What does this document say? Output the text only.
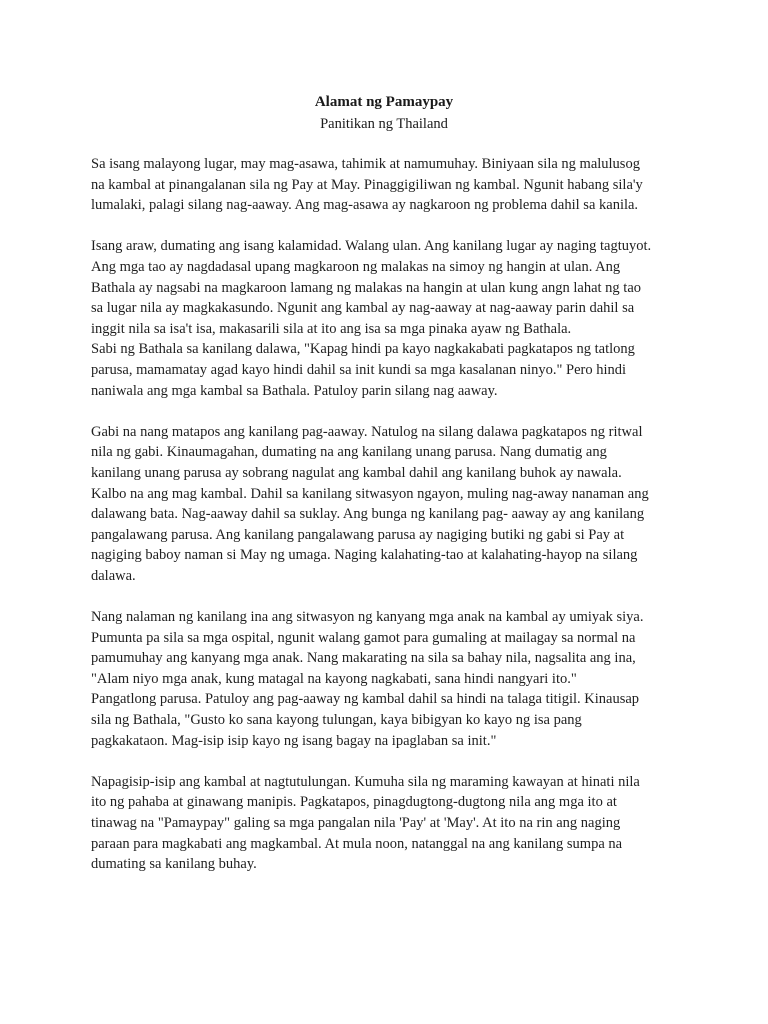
Alamat ng Pamaypay

Panitikan ng Thailand

Sa isang malayong lugar, may mag-asawa, tahimik at namumuhay. Biniyaan sila ng malulusog
na kambal at pinangalanan sila ng Pay at May. Pinaggigiliwan ng kambal. Ngunit habang sila'y
lumalaki, palagi silang nag-aaway. Ang mag-asawa ay nagkaroon ng problema dahil sa kanila.
Isang araw, dumating ang isang kalamidad. Walang ulan. Ang kanilang lugar ay naging tagtuyot.
Ang mga tao ay nagdadasal upang magkaroon ng malakas na simoy ng hangin at ulan. Ang
Bathala ay nagsabi na magkaroon lamang ng malakas na hangin at ulan kung angn lahat ng tao
sa lugar nila ay magkakasundo. Ngunit ang kambal ay nag-aaway at nag-aaway parin dahil sa
inggit nila sa isa't isa, makasarili sila at ito ang isa sa mga pinaka ayaw ng Bathala.
Sabi ng Bathala sa kanilang dalawa, "Kapag hindi pa kayo nagkakabati pagkatapos ng tatlong
parusa, mamamatay agad kayo hindi dahil sa init kundi sa mga kasalanan ninyo." Pero hindi
naniwala ang mga kambal sa Bathala. Patuloy parin silang nag aaway.
Gabi na nang matapos ang kanilang pag-aaway. Natulog na silang dalawa pagkatapos ng ritwal
nila ng gabi. Kinaumagahan, dumating na ang kanilang unang parusa. Nang dumatig ang
kanilang unang parusa ay sobrang nagulat ang kambal dahil ang kanilang buhok ay nawala.
Kalbo na ang mag kambal. Dahil sa kanilang sitwasyon ngayon, muling nag-away nanaman ang
dalawang bata. Nag-aaway dahil sa suklay. Ang bunga ng kanilang pag- aaway ay ang kanilang
pangalawang parusa. Ang kanilang pangalawang parusa ay nagiging butiki ng gabi si Pay at
nagiging baboy naman si May ng umaga. Naging kalahating-tao at kalahating-hayop na silang
dalawa.
Nang nalaman ng kanilang ina ang sitwasyon ng kanyang mga anak na kambal ay umiyak siya.
Pumunta pa sila sa mga ospital, ngunit walang gamot para gumaling at mailagay sa normal na
pamumuhay ang kanyang mga anak. Nang makarating na sila sa bahay nila, nagsalita ang ina,
"Alam niyo mga anak, kung matagal na kayong nagkabati, sana hindi nangyari ito."
Pangatlong parusa. Patuloy ang pag-aaway ng kambal dahil sa hindi na talaga titigil. Kinausap
sila ng Bathala, "Gusto ko sana kayong tulungan, kaya bibigyan ko kayo ng isa pang
pagkakataon. Mag-isip isip kayo ng isang bagay na ipaglaban sa init."
Napagisip-isip ang kambal at nagtutulungan. Kumuha sila ng maraming kawayan at hinati nila
ito ng pahaba at ginawang manipis. Pagkatapos, pinagdugtong-dugtong nila ang mga ito at
tinawag na "Pamaypay" galing sa mga pangalan nila 'Pay' at 'May'. At ito na rin ang naging
paraan para magkabati ang magkambal. At mula noon, natanggal na ang kanilang sumpa na
dumating sa kanilang buhay.
